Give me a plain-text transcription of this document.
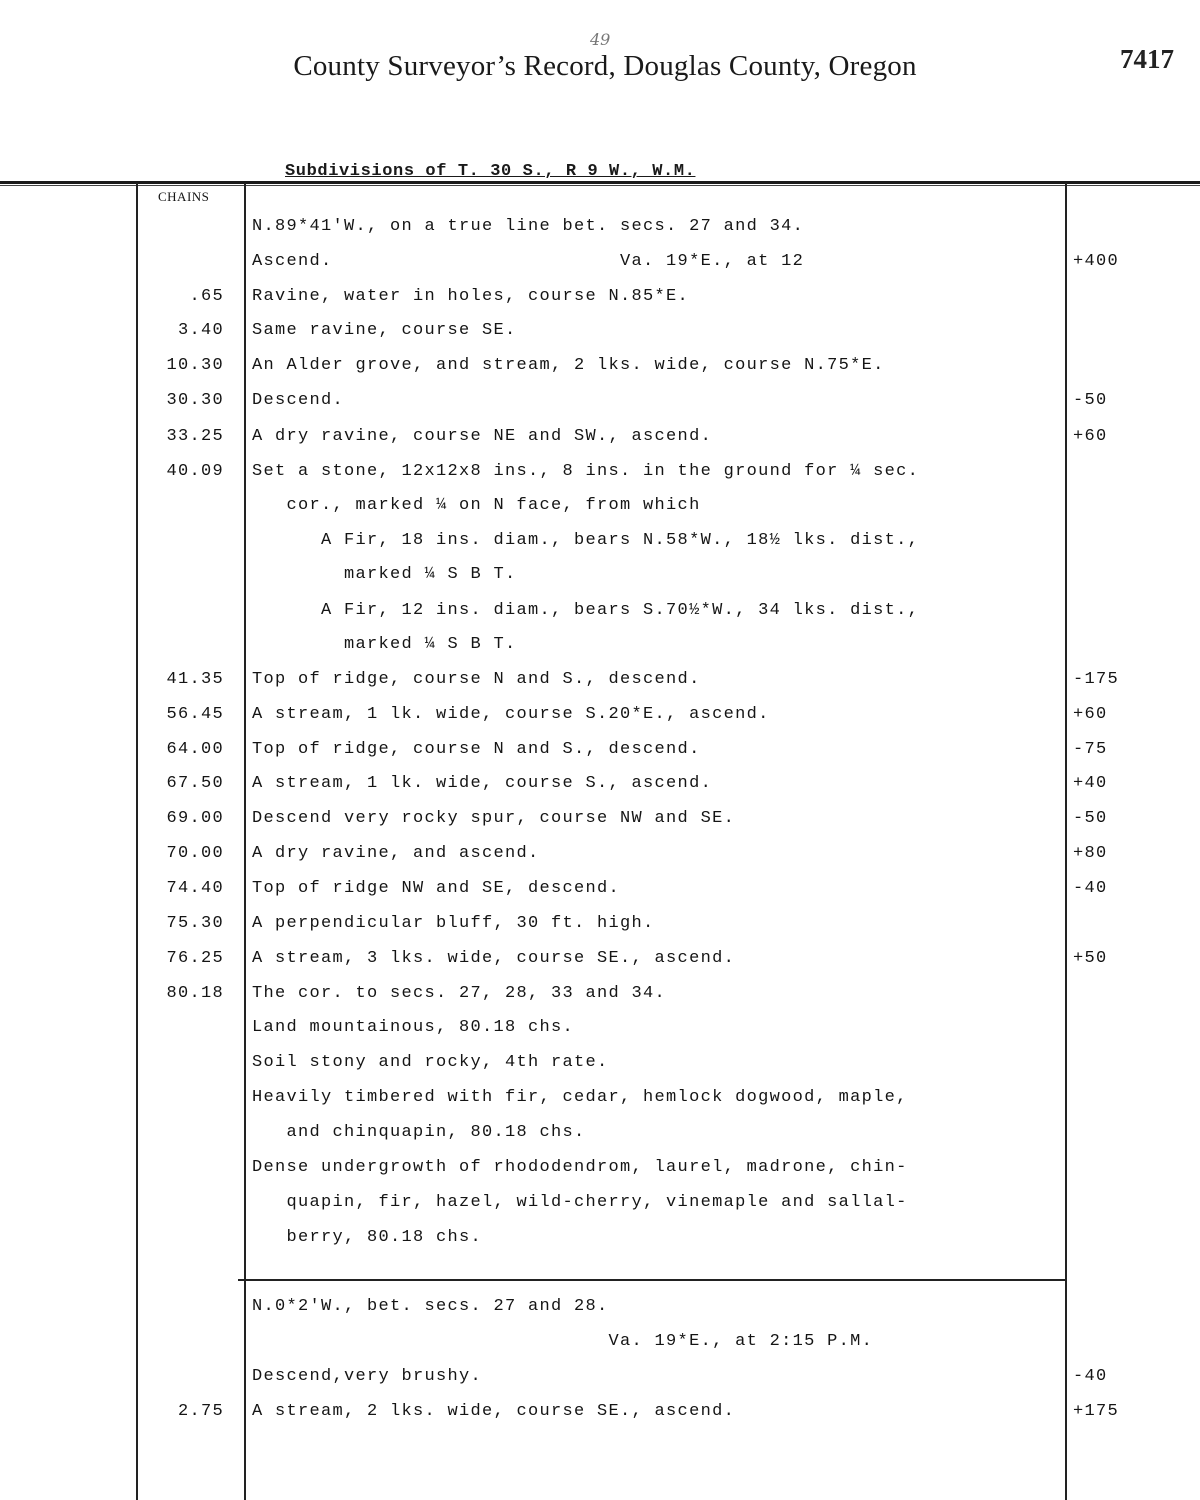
49
County Surveyor’s Record, Douglas County, Oregon	7417
Subdivisions of T. 30 S., R 9 W., W.M.
CHAINS
N.89*41'W., on a true line bet. secs. 27 and 34.
Ascend.                         Va. 19*E., at 12	+400
.65 Ravine, water in holes, course N.85*E.
3.40 Same ravine, course SE.
10.30 An Alder grove, and stream, 2 lks. wide, course N.75*E.
30.30 Descend.	-50
33.25 A dry ravine, course NE and SW., ascend.	+60
40.09 Set a stone, 12x12x8 ins., 8 ins. in the ground for ¼ sec.
cor., marked ¼ on N face, from which
A Fir, 18 ins. diam., bears N.58*W., 18½ lks. dist.,
marked ¼ S B T.
A Fir, 12 ins. diam., bears S.70½*W., 34 lks. dist.,
marked ¼ S B T.
41.35 Top of ridge, course N and S., descend.	-175
56.45 A stream, 1 lk. wide, course S.20*E., ascend.	+60
64.00 Top of ridge, course N and S., descend.	-75
67.50 A stream, 1 lk. wide, course S., ascend.	+40
69.00 Descend very rocky spur, course NW and SE.	-50
70.00 A dry ravine, and ascend.	+80
74.40 Top of ridge NW and SE, descend.	-40
75.30 A perpendicular bluff, 30 ft. high.
76.25 A stream, 3 lks. wide, course SE., ascend.	+50
80.18 The cor. to secs. 27, 28, 33 and 34.
Land mountainous, 80.18 chs.
Soil stony and rocky, 4th rate.
Heavily timbered with fir, cedar, hemlock dogwood, maple,
and chinquapin, 80.18 chs.
Dense undergrowth of rhododendrom, laurel, madrone, chin-
quapin, fir, hazel, wild-cherry, vinemaple and sallal-
berry, 80.18 chs.
N.0*2'W., bet. secs. 27 and 28.
Va. 19*E., at 2:15 P.M.
Descend,very brushy.	-40
2.75 A stream, 2 lks. wide, course SE., ascend.	+175
